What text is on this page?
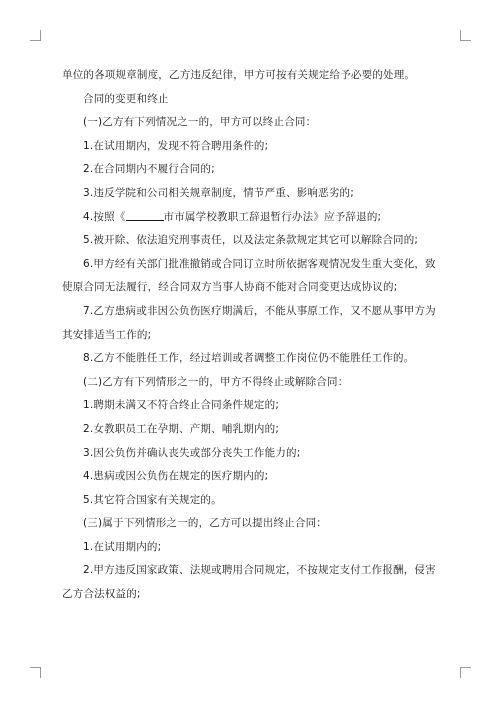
单位的各项规章制度，乙方违反纪律，甲方可按有关规定给予必要的处理。

合同的变更和终止

(一)乙方有下列情况之一的，甲方可以终止合同：

1.在试用期内，发现不符合聘用条件的;

2.在合同期内不履行合同的;

3.违反学院和公司相关规章制度，情节严重、影响恶劣的;

4.按照《	市市属学校教职工辞退暂行办法》应予辞退的;

5.被开除、依法追究刑事责任，以及法定条款规定其它可以解除合同的;

6.甲方经有关部门批准撤销或合同订立时所依据客观情况发生重大变化，致使原合同无法履行，经合同双方当事人协商不能对合同变更达成协议的;

7.乙方患病或非因公负伤医疗期满后，不能从事原工作，又不愿从事甲方为其安排适当工作的;

8.乙方不能胜任工作，经过培训或者调整工作岗位仍不能胜任工作的。

(二)乙方有下列情形之一的，甲方不得终止或解除合同：

1.聘期未满又不符合终止合同条件规定的;

2.女教职员工在孕期、产期、哺乳期内的;

3.因公负伤并确认丧失或部分丧失工作能力的;

4.患病或因公负伤在规定的医疗期内的;

5.其它符合国家有关规定的。

(三)属于下列情形之一的，乙方可以提出终止合同：

1.在试用期内的;

2.甲方违反国家政策、法规或聘用合同规定，不按规定支付工作报酬，侵害乙方合法权益的;
